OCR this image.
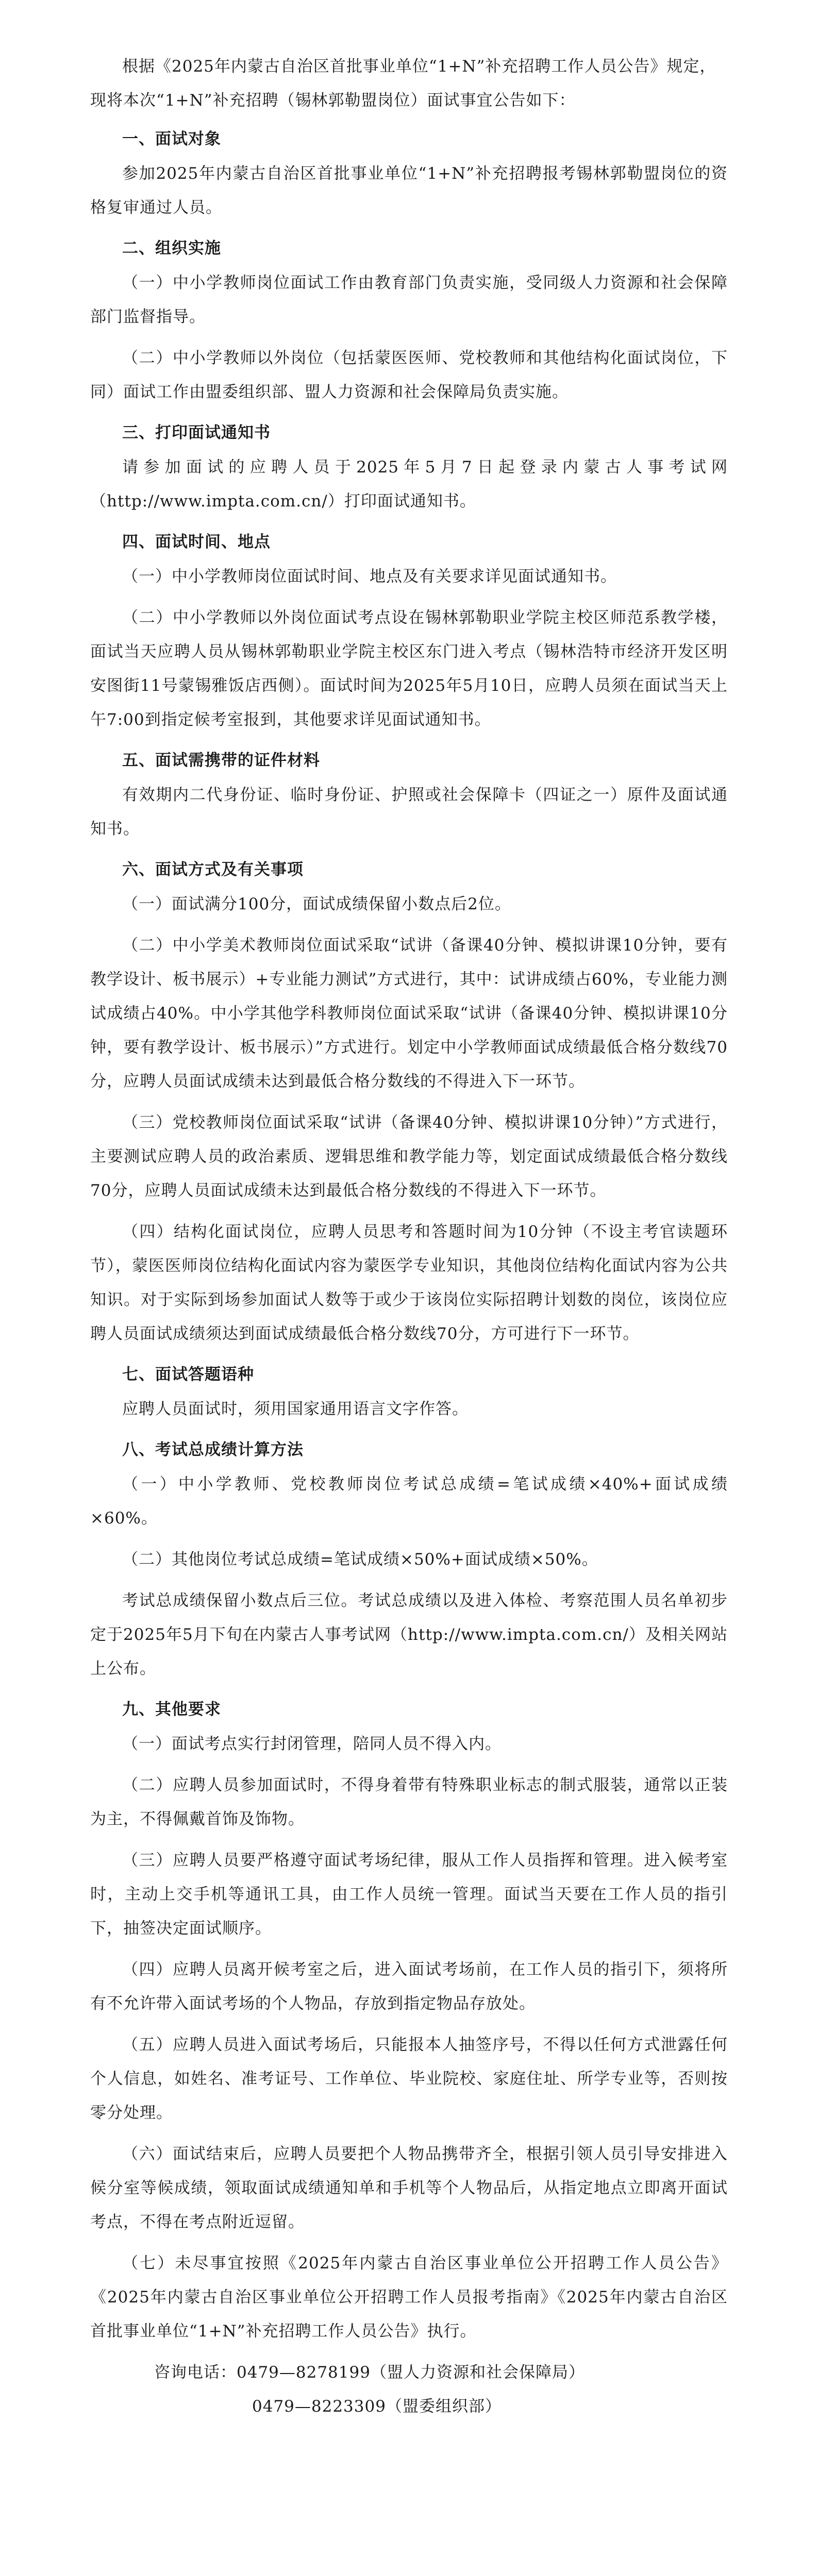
根据《2025年内蒙古自治区首批事业单位“1+N”补充招聘工作人员公告》规定，现将本次“1+N”补充招聘（锡林郭勒盟岗位）面试事宜公告如下：

一、面试对象

参加2025年内蒙古自治区首批事业单位“1+N”补充招聘报考锡林郭勒盟岗位的资格复审通过人员。

二、组织实施

（一）中小学教师岗位面试工作由教育部门负责实施，受同级人力资源和社会保障部门监督指导。

（二）中小学教师以外岗位（包括蒙医医师、党校教师和其他结构化面试岗位，下同）面试工作由盟委组织部、盟人力资源和社会保障局负责实施。

三、打印面试通知书

请参加面试的应聘人员于2025年5月7日起登录内蒙古人事考试网（http://www.impta.com.cn/）打印面试通知书。

四、面试时间、地点

（一）中小学教师岗位面试时间、地点及有关要求详见面试通知书。

（二）中小学教师以外岗位面试考点设在锡林郭勒职业学院主校区师范系教学楼，面试当天应聘人员从锡林郭勒职业学院主校区东门进入考点（锡林浩特市经济开发区明安图街11号蒙锡雅饭店西侧）。面试时间为2025年5月10日，应聘人员须在面试当天上午7:00到指定候考室报到，其他要求详见面试通知书。

五、面试需携带的证件材料

有效期内二代身份证、临时身份证、护照或社会保障卡（四证之一）原件及面试通知书。

六、面试方式及有关事项

（一）面试满分100分，面试成绩保留小数点后2位。

（二）中小学美术教师岗位面试采取“试讲（备课40分钟、模拟讲课10分钟，要有教学设计、板书展示）+专业能力测试”方式进行，其中：试讲成绩占60%，专业能力测试成绩占40%。中小学其他学科教师岗位面试采取“试讲（备课40分钟、模拟讲课10分钟，要有教学设计、板书展示）”方式进行。划定中小学教师面试成绩最低合格分数线70分，应聘人员面试成绩未达到最低合格分数线的不得进入下一环节。

（三）党校教师岗位面试采取“试讲（备课40分钟、模拟讲课10分钟）”方式进行，主要测试应聘人员的政治素质、逻辑思维和教学能力等，划定面试成绩最低合格分数线70分，应聘人员面试成绩未达到最低合格分数线的不得进入下一环节。

（四）结构化面试岗位，应聘人员思考和答题时间为10分钟（不设主考官读题环节），蒙医医师岗位结构化面试内容为蒙医学专业知识，其他岗位结构化面试内容为公共知识。对于实际到场参加面试人数等于或少于该岗位实际招聘计划数的岗位，该岗位应聘人员面试成绩须达到面试成绩最低合格分数线70分，方可进行下一环节。

七、面试答题语种

应聘人员面试时，须用国家通用语言文字作答。

八、考试总成绩计算方法

（一）中小学教师、党校教师岗位考试总成绩=笔试成绩×40%+面试成绩×60%。

（二）其他岗位考试总成绩=笔试成绩×50%+面试成绩×50%。

考试总成绩保留小数点后三位。考试总成绩以及进入体检、考察范围人员名单初步定于2025年5月下旬在内蒙古人事考试网（http://www.impta.com.cn/）及相关网站上公布。

九、其他要求

（一）面试考点实行封闭管理，陪同人员不得入内。

（二）应聘人员参加面试时，不得身着带有特殊职业标志的制式服装，通常以正装为主，不得佩戴首饰及饰物。

（三）应聘人员要严格遵守面试考场纪律，服从工作人员指挥和管理。进入候考室时，主动上交手机等通讯工具，由工作人员统一管理。面试当天要在工作人员的指引下，抽签决定面试顺序。

（四）应聘人员离开候考室之后，进入面试考场前，在工作人员的指引下，须将所有不允许带入面试考场的个人物品，存放到指定物品存放处。

（五）应聘人员进入面试考场后，只能报本人抽签序号，不得以任何方式泄露任何个人信息，如姓名、准考证号、工作单位、毕业院校、家庭住址、所学专业等，否则按零分处理。

（六）面试结束后，应聘人员要把个人物品携带齐全，根据引领人员引导安排进入候分室等候成绩，领取面试成绩通知单和手机等个人物品后，从指定地点立即离开面试考点，不得在考点附近逗留。

（七）未尽事宜按照《2025年内蒙古自治区事业单位公开招聘工作人员公告》《2025年内蒙古自治区事业单位公开招聘工作人员报考指南》《2025年内蒙古自治区首批事业单位“1+N”补充招聘工作人员公告》执行。

咨询电话：0479—8278199（盟人力资源和社会保障局）

0479—8223309（盟委组织部）
